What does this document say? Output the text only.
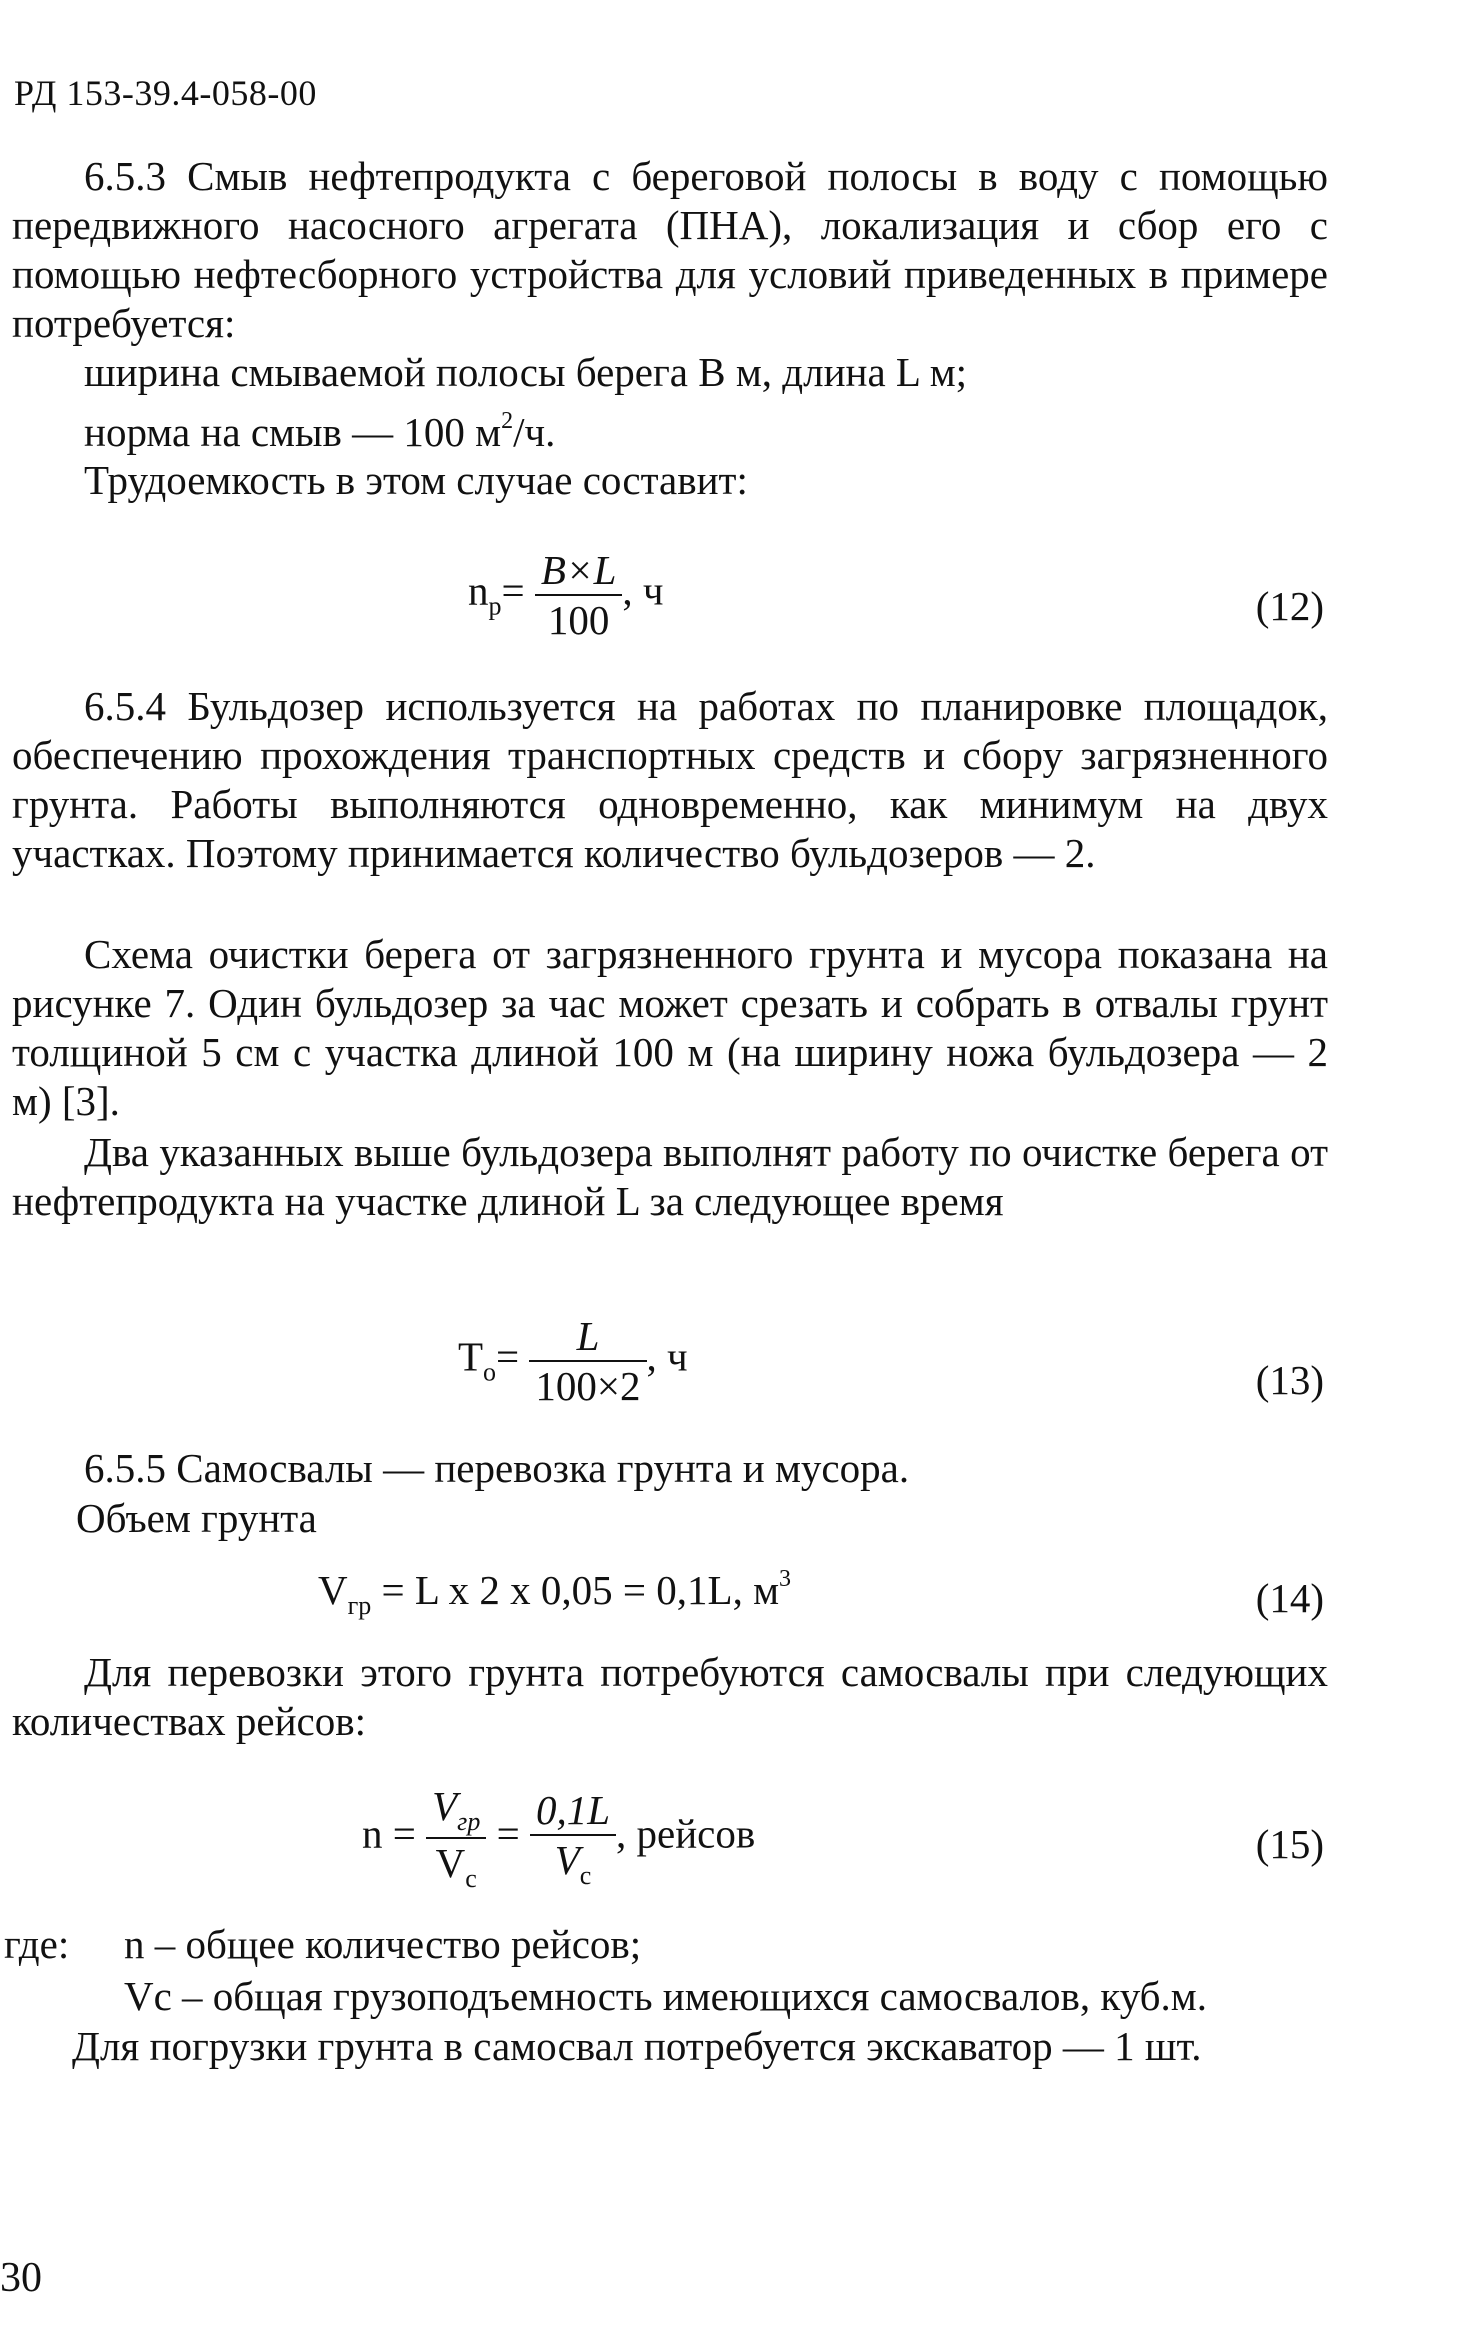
РД 153-39.4-058-00
6.5.3 Смыв нефтепродукта с береговой полосы в воду с помощью передвижного насосного агрегата (ПНА), локализация и сбор его с помощью нефтесборного устройства для условий приведенных в примере потребуется:
ширина смываемой полосы берега В м, длина L м;
норма на смыв — 100 $м^2/ч$.
Трудоемкость в этом случае составит:
$n_р= \frac{B\times L}{100}$ , ч	(12)
6.5.4 Бульдозер используется на работах по планировке площадок, обеспечению прохождения транспортных средств и сбору загрязненного грунта. Работы выполняются одновременно, как минимум на двух участках. Поэтому принимается количество бульдозеров — 2.
Схема очистки берега от загрязненного грунта и мусора показана на рисунке 7. Один бульдозер за час может срезать и собрать в отвалы грунт толщиной 5 см с участка длиной 100 м (на ширину ножа бульдозера — 2 м) [3].
Два указанных выше бульдозера выполнят работу по очистке берега от нефтепродукта на участке длиной L за следующее время
$T_о= \frac{L}{100\times 2}$ , ч
(13)
6.5.5 Самосвалы — перевозка грунта и мусора.
Объем грунта
$V_{гр} = L$ x 2 x 0,05 = 0,1L, $м^3$	(14)
Для перевозки этого грунта потребуются самосвалы при следующих количествах рейсов:
$n = \frac{V_{гр}}{V_с} = \frac{0,1L}{V_с}$ , рейсов	(15)
где: n – общее количество рейсов;
Vc – общая грузоподъемность имеющихся самосвалов, куб.м.
Для погрузки грунта в самосвал потребуется экскаватор — 1 шт.
30
